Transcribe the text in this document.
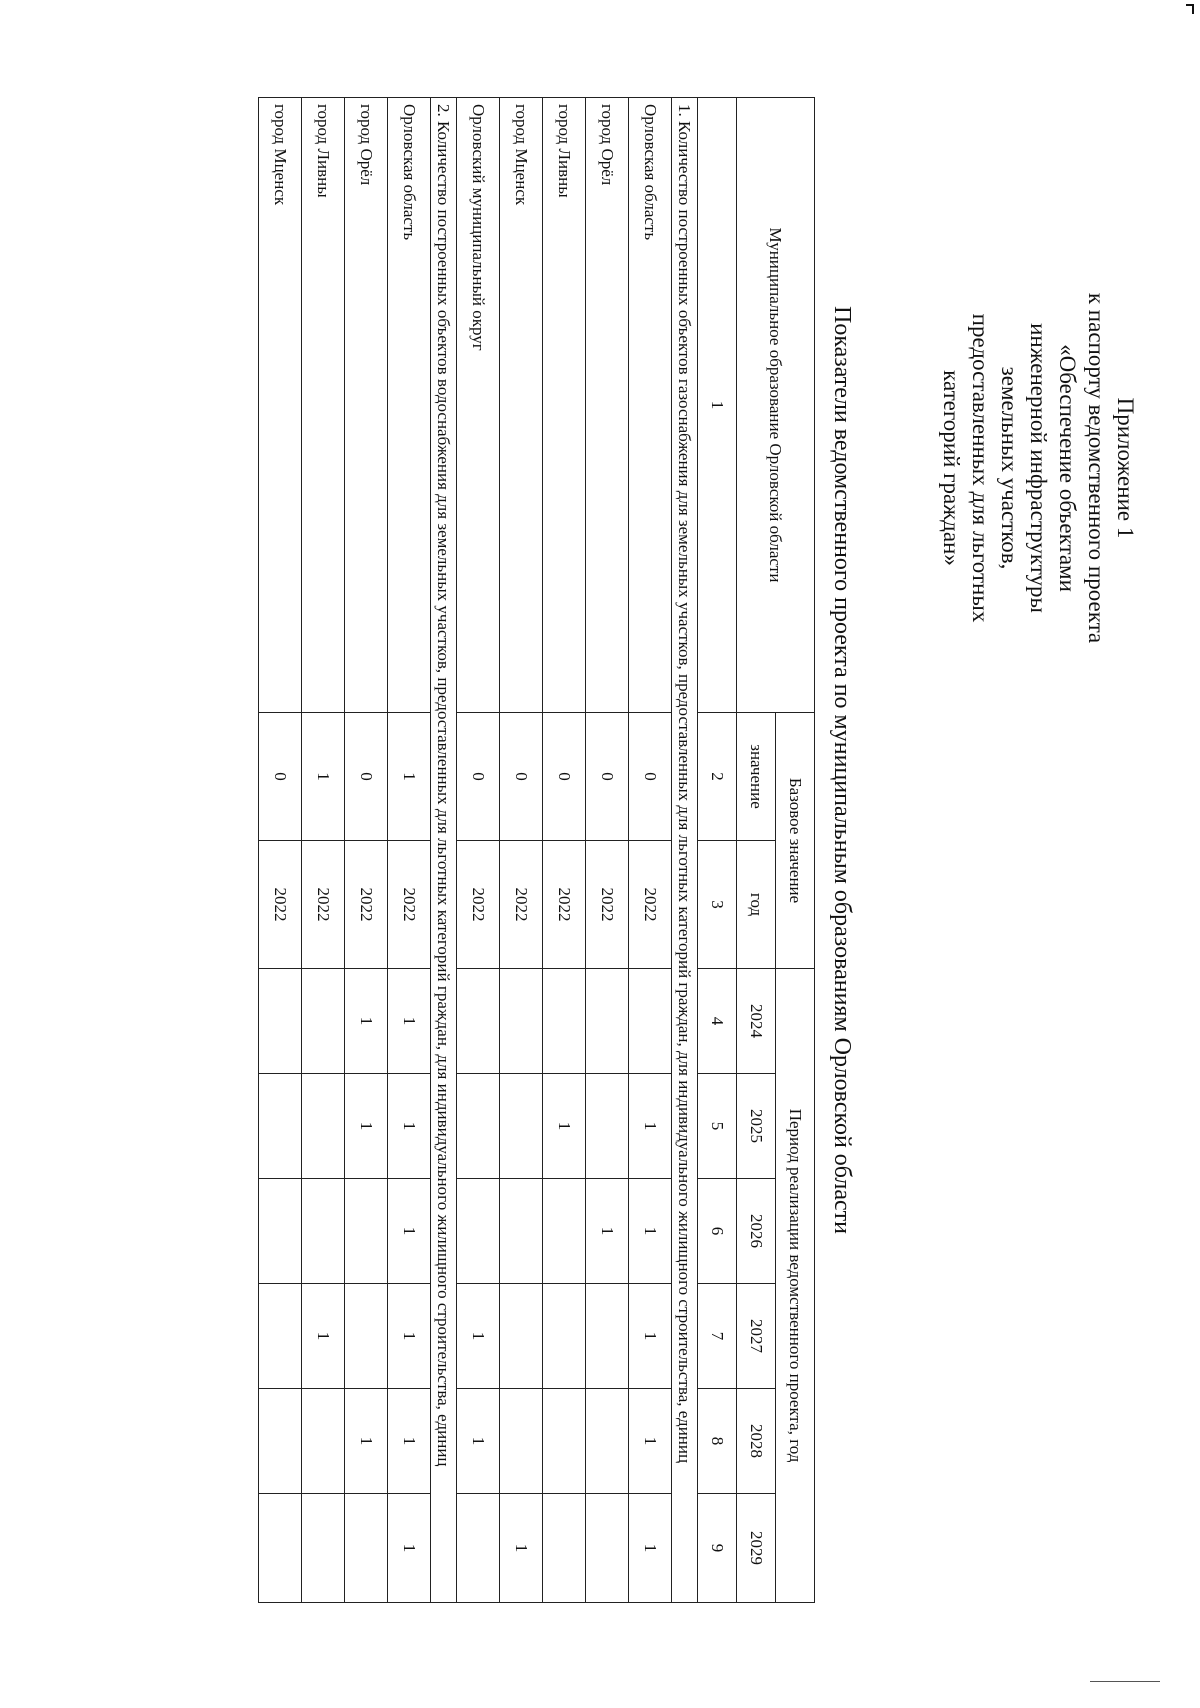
Приложение 1
к паспорту ведомственного проекта
«Обеспечение объектами
инженерной инфраструктуры
земельных участков,
предоставленных для льготных
категорий граждан»
Показатели ведомственного проекта по муниципальным образованиям Орловской области
Муниципальное образование Орловской области	Базовое значение		Период реализации ведомственного проекта, год					
	значение	год	2024	2025	2026	2027	2028	2029
1	2	3	4	5	6	7	8	9
1. Количество построенных объектов газоснабжения для земельных участков, предоставленных для льготных категорий граждан, для индивидуального жилищного строительства, единиц								
Орловская область	0	2022		1	1	1	1	1
город Орёл	0	2022			1			
город Ливны	0	2022		1				
город Мценск	0	2022						1
Орловский муниципальный округ	0	2022				1	1	
2. Количество построенных объектов водоснабжения для земельных участков, предоставленных для льготных категорий граждан, для индивидуального жилищного строительства, единиц								
Орловская область	1	2022	1	1	1	1	1	1
город Орёл	0	2022	1	1			1	
город Ливны	1	2022				1		
город Мценск	0	2022						
